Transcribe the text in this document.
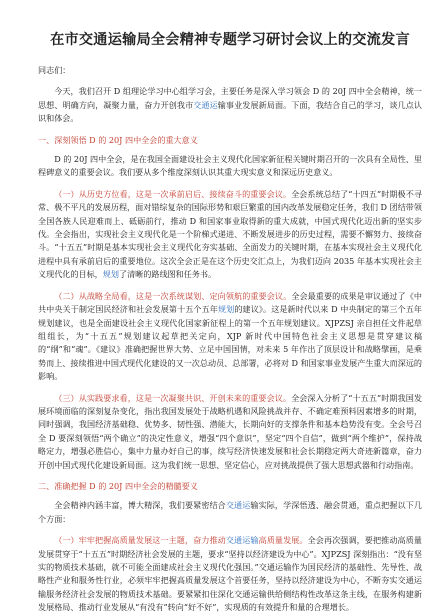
在市交通运输局全会精神专题学习研讨会议上的交流发言
同志们：

今天，我们召开 D 组理论学习中心组学习会，主要任务是深入学习领会 D 的 20J 四中全会精神，统一思想、明确方向，凝聚力量，奋力开创我市交通运输事业发展新局面。下面，我结合自己的学习，谈几点认识和体会。

一、深刻领悟 D 的 20J 四中全会的重大意义

D 的 20J 四中全会，是在我国全面建设社会主义现代化国家新征程关键时期召开的一次具有全局性、里程碑意义的重要会议。我们要从多个维度深刻认识其重大现实意义和深远历史意义。

（一）从历史方位看，这是一次承前启后、接续奋斗的重要会议。全会系统总结了“十四五”时期极不寻常、极不平凡的发展历程，面对错综复杂的国际形势和艰巨繁重的国内改革发展稳定任务，我们 D 团结带领全国各族人民迎难而上、砥砺前行，推动 D 和国家事业取得新的重大成就，中国式现代化迈出新的坚实步伐。全会指出，实现社会主义现代化是一个阶梯式递进、不断发展进步的历史过程，需要不懈努力、接续奋斗。“十五五”时期是基本实现社会主义现代化夯实基础、全面发力的关键时期，在基本实现社会主义现代化进程中具有承前启后的重要地位。这次全会正是在这个历史交汇点上，为我们迈向 2035 年基本实现社会主义现代化的目标，规划了清晰的路线图和任务书。

（二）从战略全局看，这是一次系统谋划、定向领航的重要会议。全会最重要的成果是审议通过了《中共中央关于制定国民经济和社会发展第十五个五年规划的建议》。这是新时代以来 D 中央制定的第三个五年规划建议，也是全面建设社会主义现代化国家新征程上的第一个五年规划建议。XJPZSJ 亲自担任文件起草组组长，为“十五五”规划建议起草把关定向，XJP 新时代中国特色社会主义思想是贯穿建议稿的“纲”和“魂”。《建议》准确把握世界大势、立足中国国情，对未来 5 年作出了顶层设计和战略擘画，是乘势而上、接续推进中国式现代化建设的又一次总动员、总部署，必将对 D 和国家事业发展产生重大而深远的影响。

（三）从实践要求看，这是一次凝聚共识、开创未来的重要会议。全会深入分析了“十五五”时期我国发展环境面临的深刻复杂变化，指出我国发展处于战略机遇和风险挑战并存、不确定难预料因素增多的时期，同时强调，我国经济基础稳、优势多、韧性强、潜能大，长期向好的支撑条件和基本趋势没有变。全会号召全 D 要深刻领悟“两个确立”的决定性意义，增强“四个意识”，坚定“四个自信”，做到“两个维护”，保持战略定力，增强必胜信心，集中力量办好自己的事，续写经济快速发展和社会长期稳定两大奇迹新篇章，奋力开创中国式现代化建设新局面。这为我们统一思想、坚定信心，应对挑战提供了强大思想武器和行动指南。

二、准确把握 D 的 20J 四中全会的精髓要义

全会精神内涵丰富，博大精深，我们要紧密结合交通运输实际，学深悟透、融会贯通，重点把握以下几个方面：

（一）牢牢把握高质量发展这一主题，奋力推动交通运输高质量发展。全会再次强调，要把推动高质量发展贯穿于“十五五”时期经济社会发展的主题，要求“坚持以经济建设为中心”。XJPZSJ 深刻指出：“没有坚实的物质技术基础，就不可能全面建成社会主义现代化强国。”交通运输作为国民经济的基础性、先导性、战略性产业和服务性行业，必须牢牢把握高质量发展这个首要任务，坚持以经济建设为中心，不断夯实交通运输服务经济社会发展的物质技术基础。要紧紧扣住深化交通运输供给侧结构性改革这条主线，在服务构建新发展格局、推动行业发展从“有没有”转向“好不好”，实现质的有效提升和量的合理增长。
